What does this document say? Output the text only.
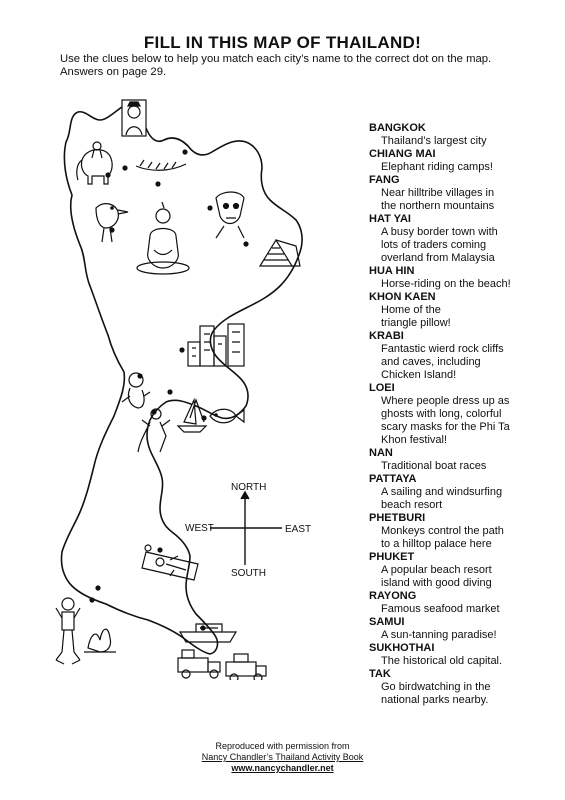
FILL IN THIS MAP OF THAILAND!
Use the clues below to help you match each city’s name to the correct dot on the map.
Answers on page 29.
NORTH
SOUTH
WEST	EAST
BANGKOK
Thailand’s largest city
CHIANG MAI
Elephant riding camps!
FANG
Near hilltribe villages in
the northern mountains
HAT YAI
A busy border town with
lots of traders coming
overland from Malaysia
HUA HIN
Horse-riding on the beach!
KHON KAEN
Home of the
triangle pillow!
KRABI
Fantastic wierd rock cliffs
and caves, including
Chicken Island!
LOEI
Where people dress up as
ghosts with long, colorful
scary masks for the Phi Ta
Khon festival!
NAN
Traditional boat races
PATTAYA
A sailing and windsurfing
beach resort
PHETBURI
Monkeys control the path
to a hilltop palace here
PHUKET
A popular beach resort
island with good diving
RAYONG
Famous seafood market
SAMUI
A sun-tanning paradise!
SUKHOTHAI
The historical old capital.
TAK
Go birdwatching in the
national parks nearby.
Reproduced with permission from
Nancy Chandler’s Thailand Activity Book
www.nancychandler.net
